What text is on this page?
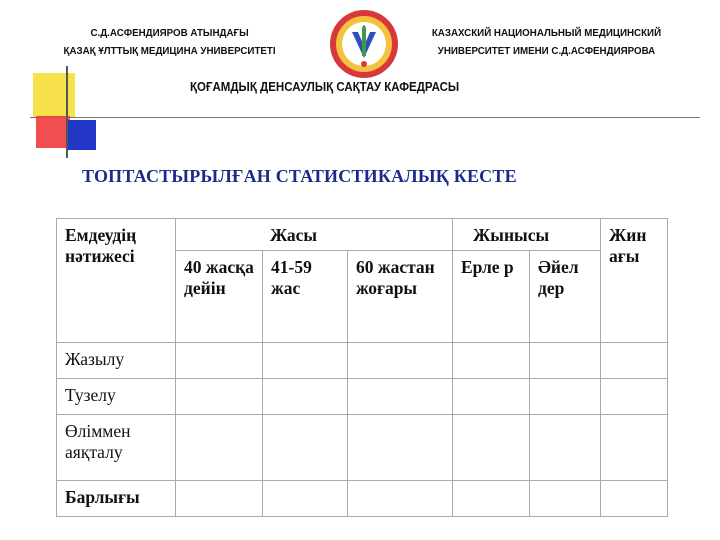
С.Д.АСФЕНДИЯРОВ АТЫНДАҒЫ
ҚАЗАҚ ҰЛТТЫҚ МЕДИЦИНА УНИВЕРСИТЕТІ
КАЗАХСКИЙ НАЦИОНАЛЬНЫЙ МЕДИЦИНСКИЙ
УНИВЕРСИТЕТ ИМЕНИ С.Д.АСФЕНДИЯРОВА
ҚОҒАМДЫҚ ДЕНСАУЛЫҚ САҚТАУ КАФЕДРАСЫ
ТОПТАСТЫРЫЛҒАН СТАТИСТИКАЛЫҚ КЕСТЕ
Емдеудің нәтижесі	Жасы			Жынысы		Жин ағы
	40 жасқа дейін	41-59 жас	60 жастан жоғары	Ерле р	Әйел дер	
Жазылу						
Тузелу						
Өліммен аяқталу						
Барлығы						
